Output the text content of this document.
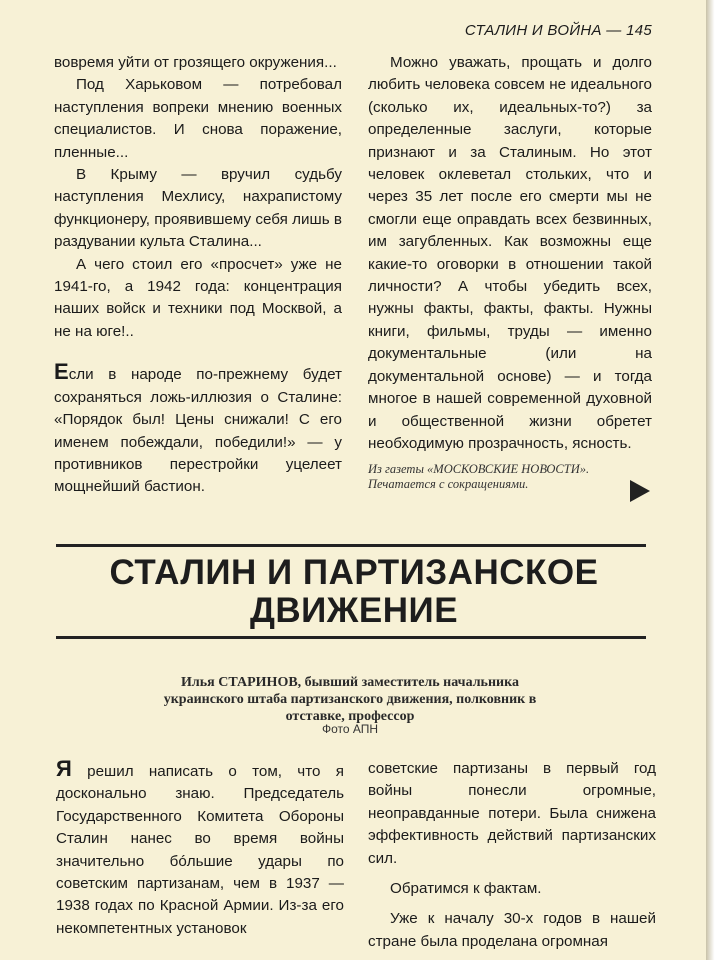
СТАЛИН И ВОЙНА — 145

вовремя уйти от грозящего окружения...

Под Харьковом — потребовал наступления вопреки мнению военных специалистов. И снова поражение, пленные...

В Крыму — вручил судьбу наступления Мехлису, нахрапистому функционеру, проявившему себя лишь в раздувании культа Сталина...

А чего стоил его «просчет» уже не 1941-го, а 1942 года: концентрация наших войск и техники под Москвой, а не на юге!..

Если в народе по-прежнему будет сохраняться ложь-иллюзия о Сталине: «Порядок был! Цены снижали! С его именем побеждали, победили!» — у противников перестройки уцелеет мощнейший бастион.

Можно уважать, прощать и долго любить человека совсем не идеального (сколько их, идеальных-то?) за определенные заслуги, которые признают и за Сталиным. Но этот человек оклеветал стольких, что и через 35 лет после его смерти мы не смогли еще оправдать всех безвинных, им загубленных. Как возможны еще какие-то оговорки в отношении такой личности? А чтобы убедить всех, нужны факты, факты, факты. Нужны книги, фильмы, труды — именно документальные (или на документальной основе) — и тогда многое в нашей современной духовной и общественной жизни обретет необходимую прозрачность, ясность.

Из газеты «МОСКОВСКИЕ НОВОСТИ».
Печатается с сокращениями.
СТАЛИН И ПАРТИЗАНСКОЕ
ДВИЖЕНИЕ
Илья СТАРИНОВ, бывший заместитель начальника украинского штаба партизанского движения, полковник в отставке, профессор
Фото АПН

Я решил написать о том, что я досконально знаю. Председатель Государственного Комитета Обороны Сталин нанес во время войны значительно бóльшие удары по советским партизанам, чем в 1937 — 1938 годах по Красной Армии. Из-за его некомпетентных установок

советские партизаны в первый год войны понесли огромные, неоправданные потери. Была снижена эффективность действий партизанских сил.

Обратимся к фактам.

Уже к началу 30-х годов в нашей стране была проделана огромная
